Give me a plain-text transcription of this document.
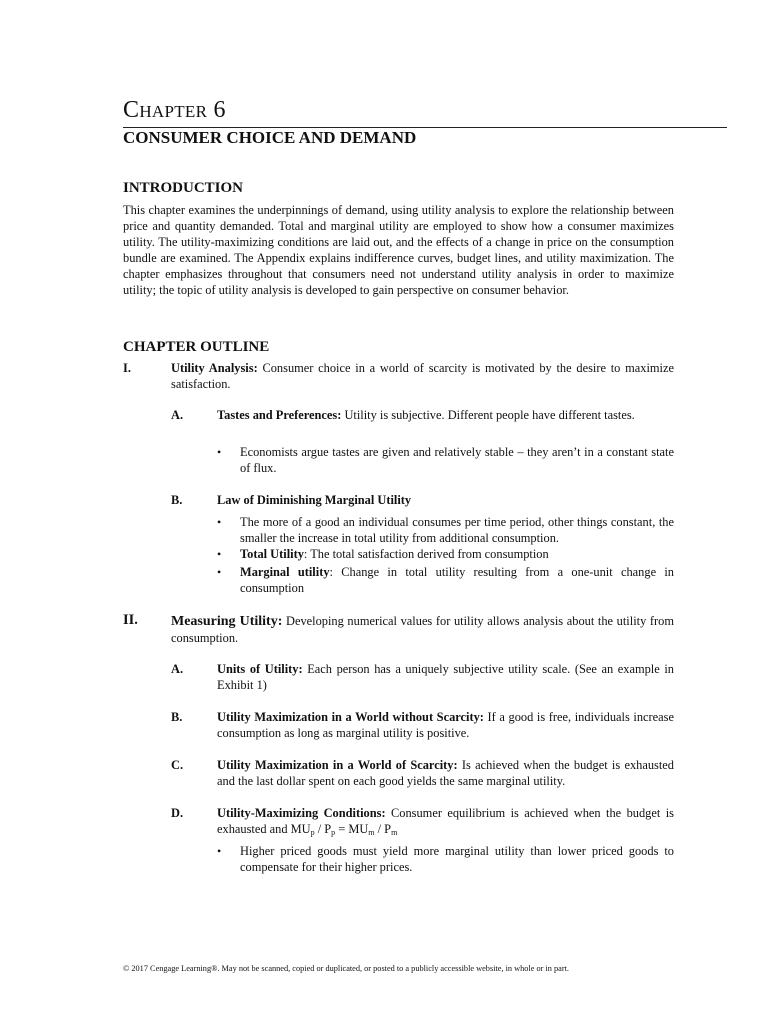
CHAPTER 6
CONSUMER CHOICE AND DEMAND
INTRODUCTION
This chapter examines the underpinnings of demand, using utility analysis to explore the relationship between price and quantity demanded. Total and marginal utility are employed to show how a consumer maximizes utility. The utility-maximizing conditions are laid out, and the effects of a change in price on the consumption bundle are examined. The Appendix explains indifference curves, budget lines, and utility maximization. The chapter emphasizes throughout that consumers need not understand utility analysis in order to maximize utility; the topic of utility analysis is developed to gain perspective on consumer behavior.
CHAPTER OUTLINE
I.	Utility Analysis: Consumer choice in a world of scarcity is motivated by the desire to maximize satisfaction.
A.	Tastes and Preferences: Utility is subjective. Different people have different tastes.
• Economists argue tastes are given and relatively stable – they aren’t in a constant state of flux.
B.	Law of Diminishing Marginal Utility
• The more of a good an individual consumes per time period, other things constant, the smaller the increase in total utility from additional consumption.
• Total Utility: The total satisfaction derived from consumption
• Marginal utility: Change in total utility resulting from a one-unit change in consumption
II. Measuring Utility: Developing numerical values for utility allows analysis about the utility from consumption.
A.	Units of Utility: Each person has a uniquely subjective utility scale. (See an example in Exhibit 1)
B.	Utility Maximization in a World without Scarcity: If a good is free, individuals increase consumption as long as marginal utility is positive.
C.	Utility Maximization in a World of Scarcity: Is achieved when the budget is exhausted and the last dollar spent on each good yields the same marginal utility.
D.	Utility-Maximizing Conditions: Consumer equilibrium is achieved when the budget is exhausted and $MU_p / P_p = MU_m / P_m$
• Higher priced goods must yield more marginal utility than lower priced goods to compensate for their higher prices.
© 2017 Cengage Learning®. May not be scanned, copied or duplicated, or posted to a publicly accessible website, in whole or in part.
